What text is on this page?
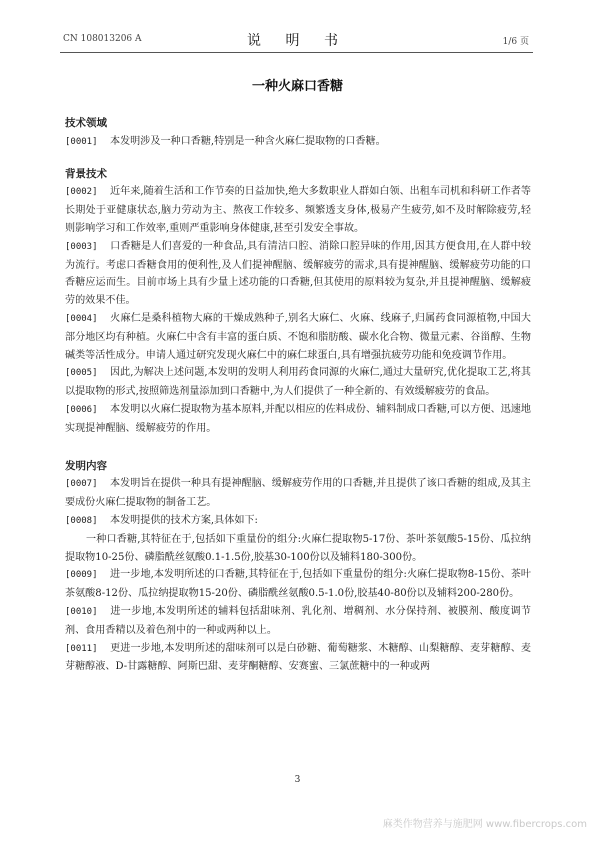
CN 108013206 A	说 明 书	1/6 页
一种火麻口香糖
技术领域

[0001] 本发明涉及一种口香糖,特别是一种含火麻仁提取物的口香糖。

背景技术

[0002] 近年来,随着生活和工作节奏的日益加快,绝大多数职业人群如白领、出租车司机和科研工作者等长期处于亚健康状态,脑力劳动为主、熬夜工作较多、频繁透支身体,极易产生疲劳,如不及时解除疲劳,轻则影响学习和工作效率,重则严重影响身体健康,甚至引发安全事故。

[0003] 口香糖是人们喜爱的一种食品,具有清洁口腔、消除口腔异味的作用,因其方便食用,在人群中较为流行。考虑口香糖食用的便利性,及人们提神醒脑、缓解疲劳的需求,具有提神醒脑、缓解疲劳功能的口香糖应运而生。目前市场上具有少量上述功能的口香糖,但其使用的原料较为复杂,并且提神醒脑、缓解疲劳的效果不佳。

[0004] 火麻仁是桑科植物大麻的干燥成熟种子,别名大麻仁、火麻、线麻子,归属药食同源植物,中国大部分地区均有种植。火麻仁中含有丰富的蛋白质、不饱和脂肪酸、碳水化合物、微量元素、谷甾醇、生物碱类等活性成分。申请人通过研究发现火麻仁中的麻仁球蛋白,具有增强抗疲劳功能和免疫调节作用。

[0005] 因此,为解决上述问题,本发明的发明人利用药食同源的火麻仁,通过大量研究,优化提取工艺,将其以提取物的形式,按照筛选剂量添加到口香糖中,为人们提供了一种全新的、有效缓解疲劳的食品。

[0006] 本发明以火麻仁提取物为基本原料,并配以相应的佐料成份、辅料制成口香糖,可以方便、迅速地实现提神醒脑、缓解疲劳的作用。

发明内容

[0007] 本发明旨在提供一种具有提神醒脑、缓解疲劳作用的口香糖,并且提供了该口香糖的组成,及其主要成份火麻仁提取物的制备工艺。

[0008] 本发明提供的技术方案,具体如下:

一种口香糖,其特征在于,包括如下重量份的组分:火麻仁提取物5-17份、茶叶茶氨酸5-15份、瓜拉纳提取物10-25份、磷脂酰丝氨酸0.1-1.5份,胶基30-100份以及辅料180-300份。

[0009] 进一步地,本发明所述的口香糖,其特征在于,包括如下重量份的组分:火麻仁提取物8-15份、茶叶茶氨酸8-12份、瓜拉纳提取物15-20份、磷脂酰丝氨酸0.5-1.0份,胶基40-80份以及辅料200-280份。

[0010] 进一步地,本发明所述的辅料包括甜味剂、乳化剂、增稠剂、水分保持剂、被膜剂、酸度调节剂、食用香精以及着色剂中的一种或两种以上。

[0011] 更进一步地,本发明所述的甜味剂可以是白砂糖、葡萄糖浆、木糖醇、山梨糖醇、麦芽糖醇、麦芽糖醇液、D-甘露糖醇、阿斯巴甜、麦芽酮糖醇、安赛蜜、三氯蔗糖中的一种或两

3
麻类作物营养与施肥网 www.fibercrops.com
